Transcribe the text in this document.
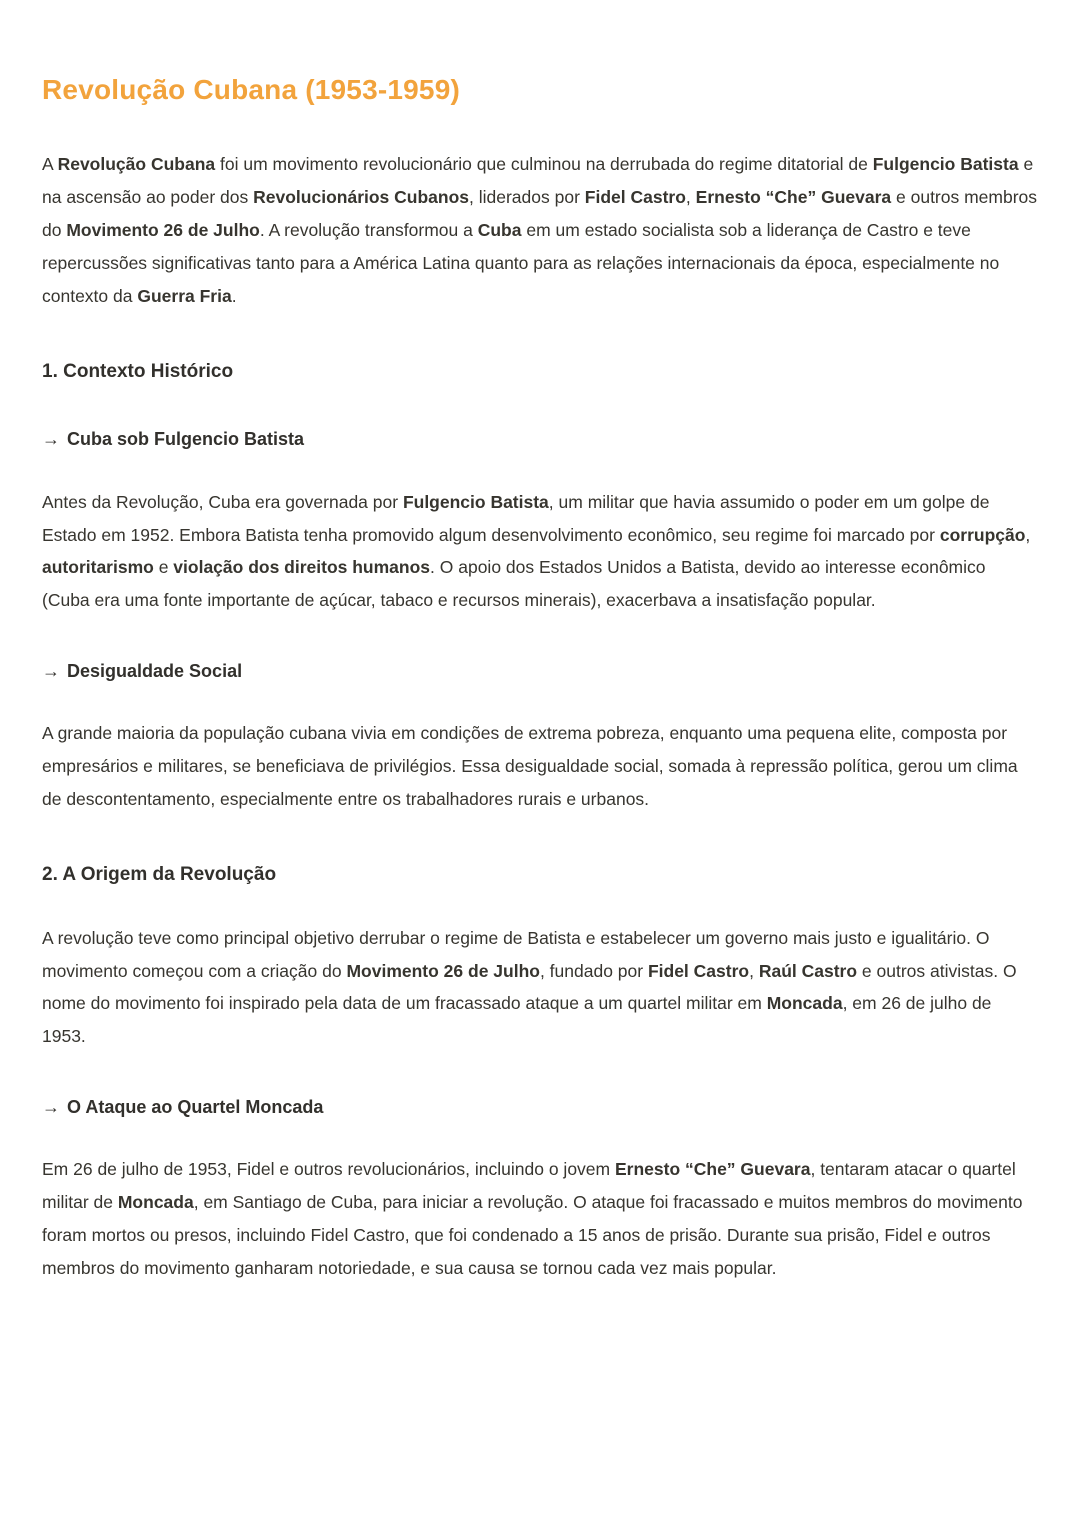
Revolução Cubana (1953-1959)

A Revolução Cubana foi um movimento revolucionário que culminou na derrubada do regime ditatorial de Fulgencio Batista e na ascensão ao poder dos Revolucionários Cubanos, liderados por Fidel Castro, Ernesto “Che” Guevara e outros membros do Movimento 26 de Julho. A revolução transformou a Cuba em um estado socialista sob a liderança de Castro e teve repercussões significativas tanto para a América Latina quanto para as relações internacionais da época, especialmente no contexto da Guerra Fria.

1. Contexto Histórico
→ Cuba sob Fulgencio Batista

Antes da Revolução, Cuba era governada por Fulgencio Batista, um militar que havia assumido o poder em um golpe de Estado em 1952. Embora Batista tenha promovido algum desenvolvimento econômico, seu regime foi marcado por corrupção, autoritarismo e violação dos direitos humanos. O apoio dos Estados Unidos a Batista, devido ao interesse econômico (Cuba era uma fonte importante de açúcar, tabaco e recursos minerais), exacerbava a insatisfação popular.

→ Desigualdade Social

A grande maioria da população cubana vivia em condições de extrema pobreza, enquanto uma pequena elite, composta por empresários e militares, se beneficiava de privilégios. Essa desigualdade social, somada à repressão política, gerou um clima de descontentamento, especialmente entre os trabalhadores rurais e urbanos.

2. A Origem da Revolução

A revolução teve como principal objetivo derrubar o regime de Batista e estabelecer um governo mais justo e igualitário. O movimento começou com a criação do Movimento 26 de Julho, fundado por Fidel Castro, Raúl Castro e outros ativistas. O nome do movimento foi inspirado pela data de um fracassado ataque a um quartel militar em Moncada, em 26 de julho de 1953.

→ O Ataque ao Quartel Moncada

Em 26 de julho de 1953, Fidel e outros revolucionários, incluindo o jovem Ernesto “Che” Guevara, tentaram atacar o quartel militar de Moncada, em Santiago de Cuba, para iniciar a revolução. O ataque foi fracassado e muitos membros do movimento foram mortos ou presos, incluindo Fidel Castro, que foi condenado a 15 anos de prisão. Durante sua prisão, Fidel e outros membros do movimento ganharam notoriedade, e sua causa se tornou cada vez mais popular.
